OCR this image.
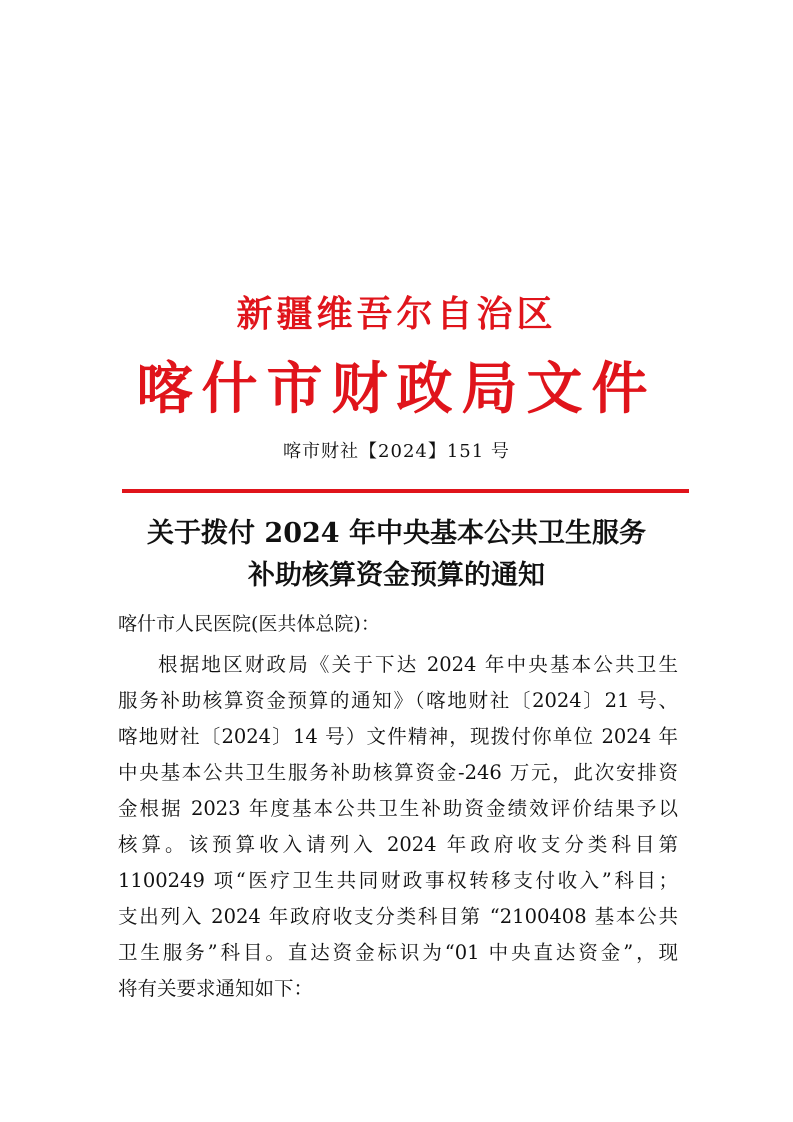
新疆维吾尔自治区
喀什市财政局文件
喀市财社【2024】151 号
关于拨付 2024 年中央基本公共卫生服务
补助核算资金预算的通知
喀什市人民医院(医共体总院)：
根据地区财政局《关于下达 2024 年中央基本公共卫生
服务补助核算资金预算的通知》（喀地财社〔2024〕21 号、
喀地财社〔2024〕14 号）文件精神，现拨付你单位 2024 年
中央基本公共卫生服务补助核算资金-246 万元，此次安排资
金根据 2023 年度基本公共卫生补助资金绩效评价结果予以
核算。该预算收入请列入 2024 年政府收支分类科目第
1100249 项“医疗卫生共同财政事权转移支付收入”科目；
支出列入 2024 年政府收支分类科目第 “2100408 基本公共
卫生服务”科目。直达资金标识为“01 中央直达资金”，现
将有关要求通知如下：
